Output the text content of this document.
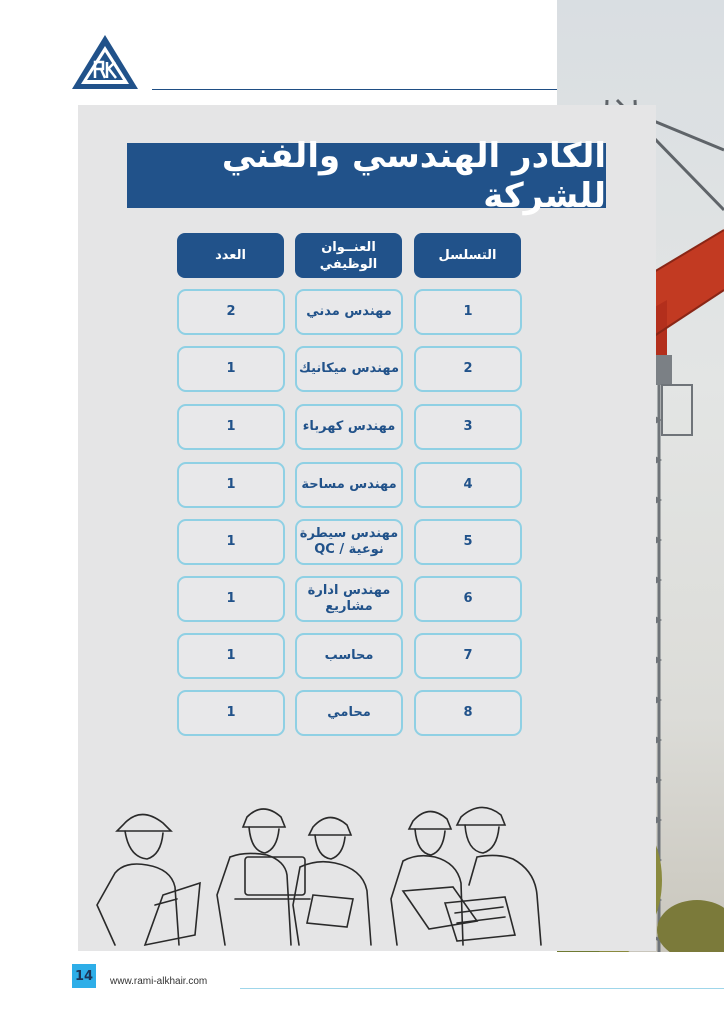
الكادر الهندسي والفني للشركة
التسلسل
العنــوان الوظيفي
العدد
1
مهندس مدني
2
2
مهندس ميكانيك
1
3
مهندس كهرباء
1
4
مهندس مساحة
1
5
مهندس سيطرة نوعية / QC
1
6
مهندس ادارة مشاريع
1
7
محاسب
1
8
محامي
1
14 www.rami-alkhair.com
